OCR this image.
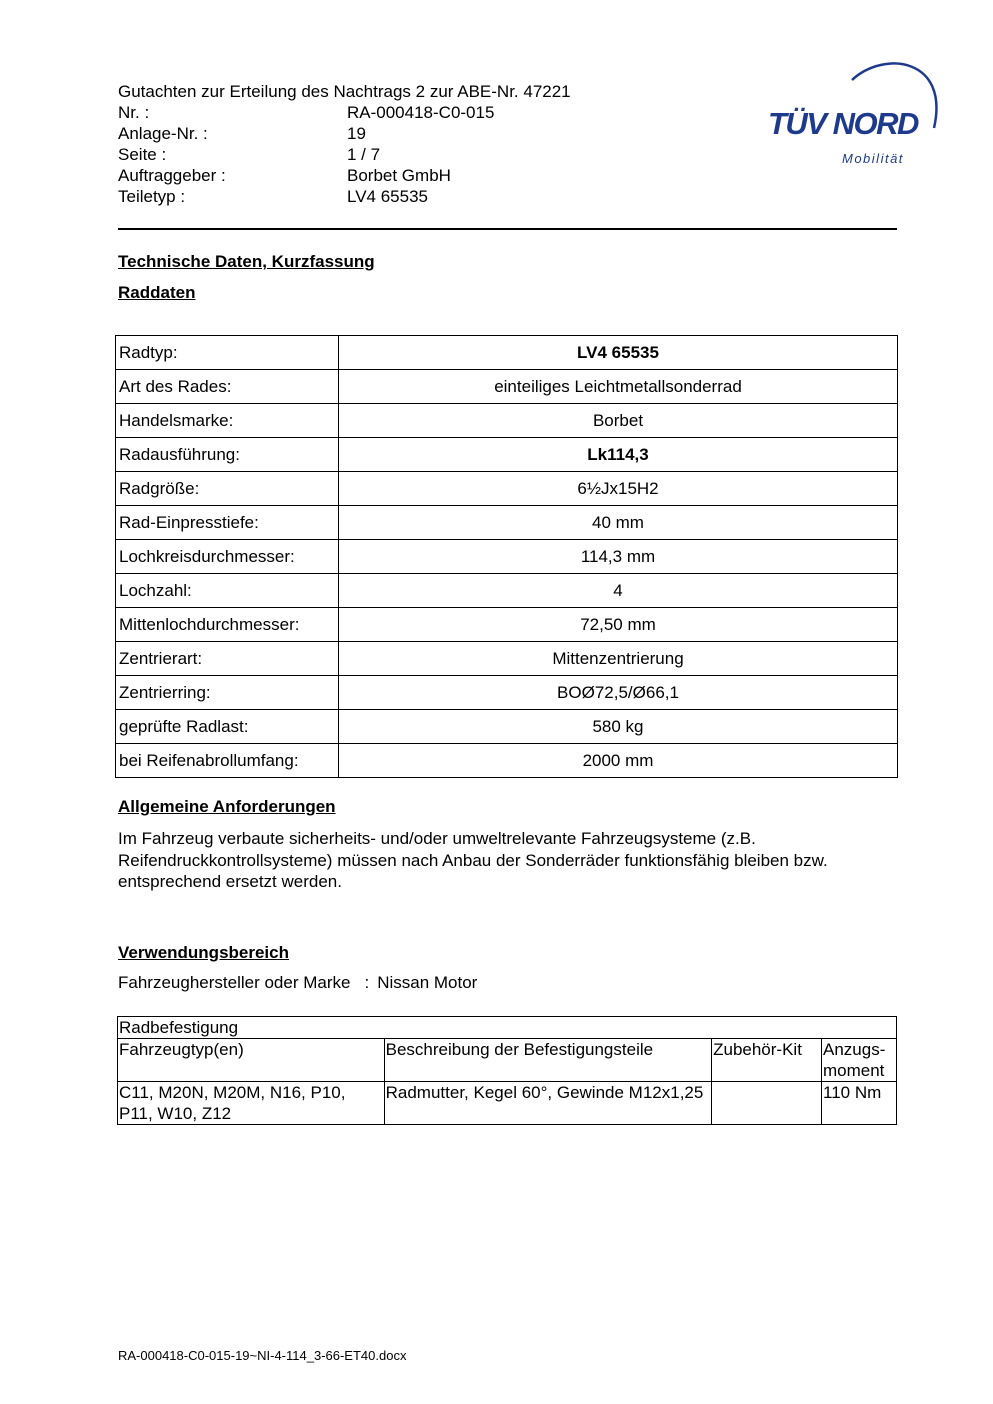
Gutachten zur Erteilung des Nachtrags 2 zur ABE-Nr. 47221
Nr. :	RA-000418-C0-015
Anlage-Nr. :	19
Seite :	1 / 7
Auftraggeber :	Borbet GmbH
Teiletyp :	LV4 65535
TÜV NORD
Mobilität
Technische Daten, Kurzfassung
Raddaten
Radtyp:	LV4 65535
Art des Rades:	einteiliges Leichtmetallsonderrad
Handelsmarke:	Borbet
Radausführung:	Lk114,3
Radgröße:	6½Jx15H2
Rad-Einpresstiefe:	40 mm
Lochkreisdurchmesser:	114,3 mm
Lochzahl:	4
Mittenlochdurchmesser:	72,50 mm
Zentrierart:	Mittenzentrierung
Zentrierring:	BOØ72,5/Ø66,1
geprüfte Radlast:	580 kg
bei Reifenabrollumfang:	2000 mm
Allgemeine Anforderungen
Im Fahrzeug verbaute sicherheits- und/oder umweltrelevante Fahrzeugsysteme (z.B. Reifendruckkontrollsysteme) müssen nach Anbau der Sonderräder funktionsfähig bleiben bzw. entsprechend ersetzt werden.
Verwendungsbereich
Fahrzeughersteller oder Marke : Nissan Motor
Radbefestigung			
Fahrzeugtyp(en)	Beschreibung der Befestigungsteile	Zubehör-Kit	Anzugs-moment
C11, M20N, M20M, N16, P10, P11, W10, Z12	Radmutter, Kegel 60°, Gewinde M12x1,25		110 Nm
RA-000418-C0-015-19~NI-4-114_3-66-ET40.docx
